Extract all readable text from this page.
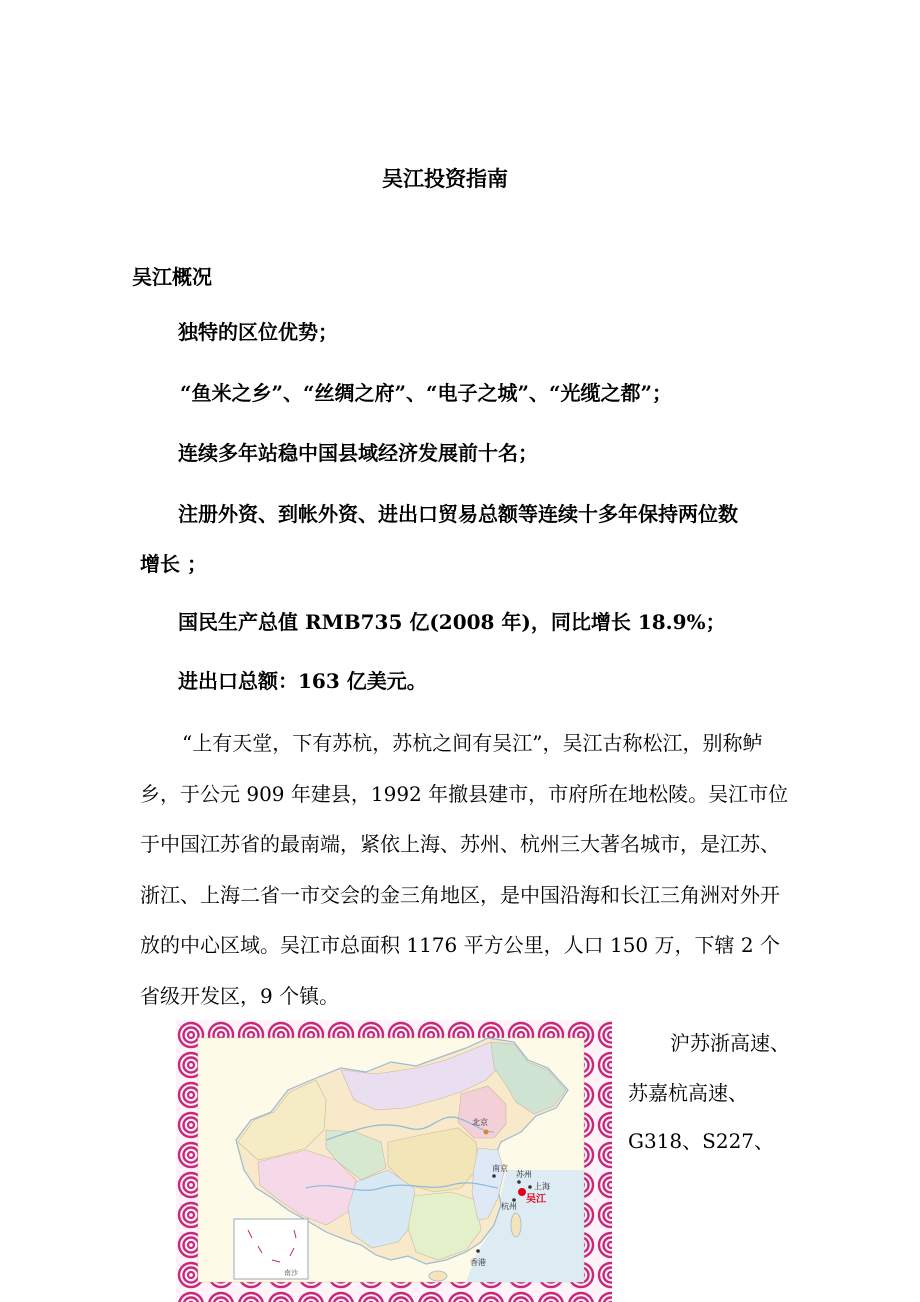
吴江投资指南
吴江概况
独特的区位优势；
“鱼米之乡”、“丝绸之府”、“电子之城”、“光缆之都”；
连续多年站稳中国县域经济发展前十名；
注册外资、到帐外资、进出口贸易总额等连续十多年保持两位数
增长 ；
国民生产总值 RMB735 亿(2008 年)，同比增长 18.9%；
进出口总额：163 亿美元。
“上有天堂，下有苏杭，苏杭之间有吴江”，吴江古称松江，别称鲈乡，于公元 909 年建县，1992 年撤县建市，市府所在地松陵。吴江市位于中国江苏省的最南端，紧依上海、苏州、杭州三大著名城市，是江苏、浙江、上海二省一市交会的金三角地区，是中国沿海和长江三角洲对外开放的中心区域。吴江市总面积 1176 平方公里，人口 150 万，下辖 2 个省级开发区，9 个镇。
南沙
北京
南京
苏州
上海
吴江
杭州
香港
沪苏浙高速、
苏嘉杭高速、
G318、S227、
